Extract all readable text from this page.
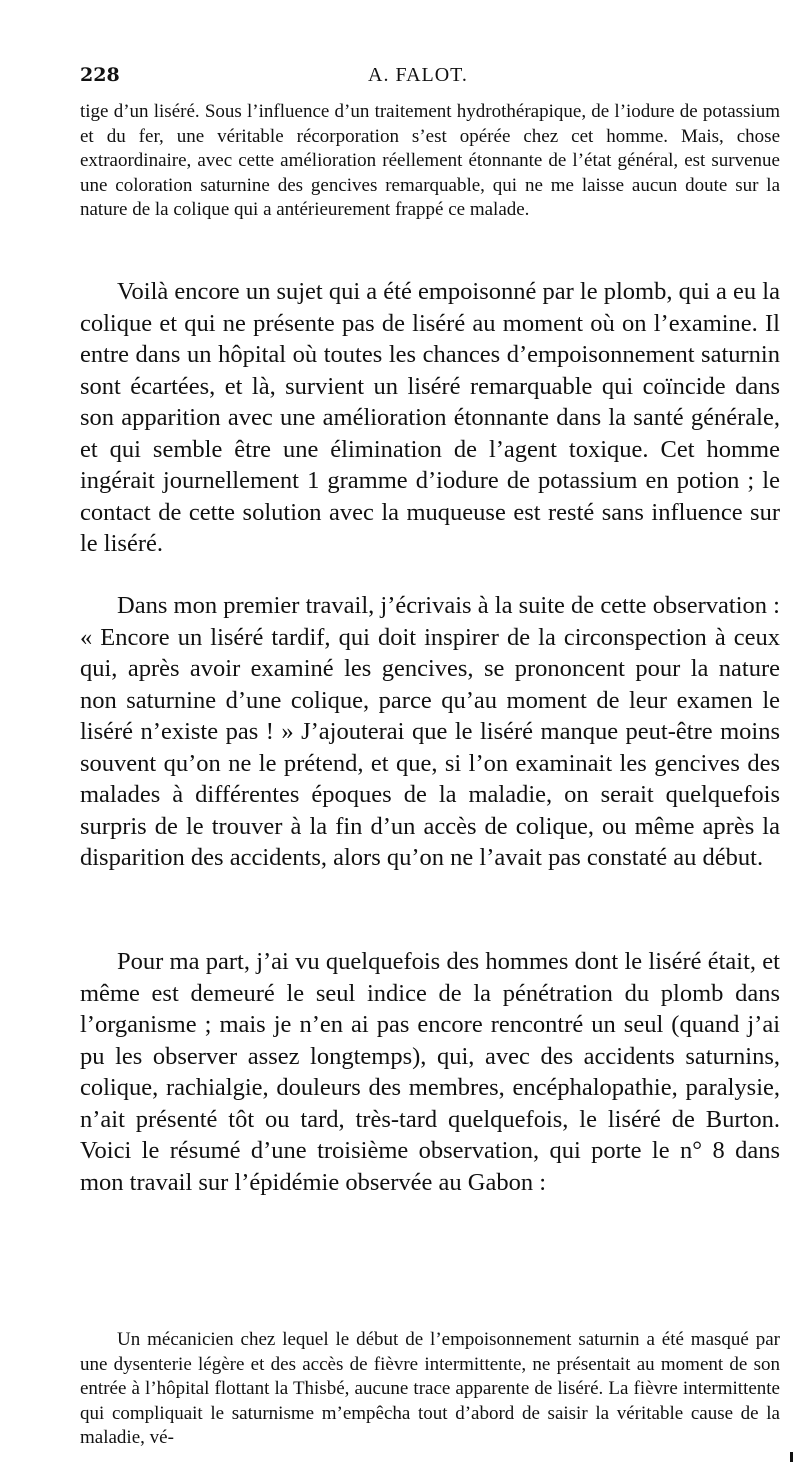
228	A. FALOT.

tige d’un liséré. Sous l’influence d’un traitement hydrothérapique, de l’iodure de potassium et du fer, une véritable récorporation s’est opérée chez cet homme. Mais, chose extraordinaire, avec cette amélioration réellement étonnante de l’état général, est survenue une coloration saturnine des gencives remarquable, qui ne me laisse aucun doute sur la nature de la colique qui a antérieurement frappé ce malade.

Voilà encore un sujet qui a été empoisonné par le plomb, qui a eu la colique et qui ne présente pas de liséré au moment où on l’examine. Il entre dans un hôpital où toutes les chances d’empoisonnement saturnin sont écartées, et là, survient un liséré remarquable qui coïncide dans son apparition avec une amélioration étonnante dans la santé générale, et qui semble être une élimination de l’agent toxique. Cet homme ingérait journellement 1 gramme d’iodure de potassium en potion ; le contact de cette solution avec la muqueuse est resté sans influence sur le liséré.

Dans mon premier travail, j’écrivais à la suite de cette observation : « Encore un liséré tardif, qui doit inspirer de la circonspection à ceux qui, après avoir examiné les gencives, se prononcent pour la nature non saturnine d’une colique, parce qu’au moment de leur examen le liséré n’existe pas ! » J’ajouterai que le liséré manque peut-être moins souvent qu’on ne le prétend, et que, si l’on examinait les gencives des malades à différentes époques de la maladie, on serait quelquefois surpris de le trouver à la fin d’un accès de colique, ou même après la disparition des accidents, alors qu’on ne l’avait pas constaté au début.

Pour ma part, j’ai vu quelquefois des hommes dont le liséré était, et même est demeuré le seul indice de la pénétration du plomb dans l’organisme ; mais je n’en ai pas encore rencontré un seul (quand j’ai pu les observer assez longtemps), qui, avec des accidents saturnins, colique, rachialgie, douleurs des membres, encéphalopathie, paralysie, n’ait présenté tôt ou tard, très-tard quelquefois, le liséré de Burton. Voici le résumé d’une troisième observation, qui porte le n° 8 dans mon travail sur l’épidémie observée au Gabon :

Un mécanicien chez lequel le début de l’empoisonnement saturnin a été masqué par une dysenterie légère et des accès de fièvre intermittente, ne présentait au moment de son entrée à l’hôpital flottant la Thisbé, aucune trace apparente de liséré. La fièvre intermittente qui compliquait le saturnisme m’empêcha tout d’abord de saisir la véritable cause de la maladie, vé-
